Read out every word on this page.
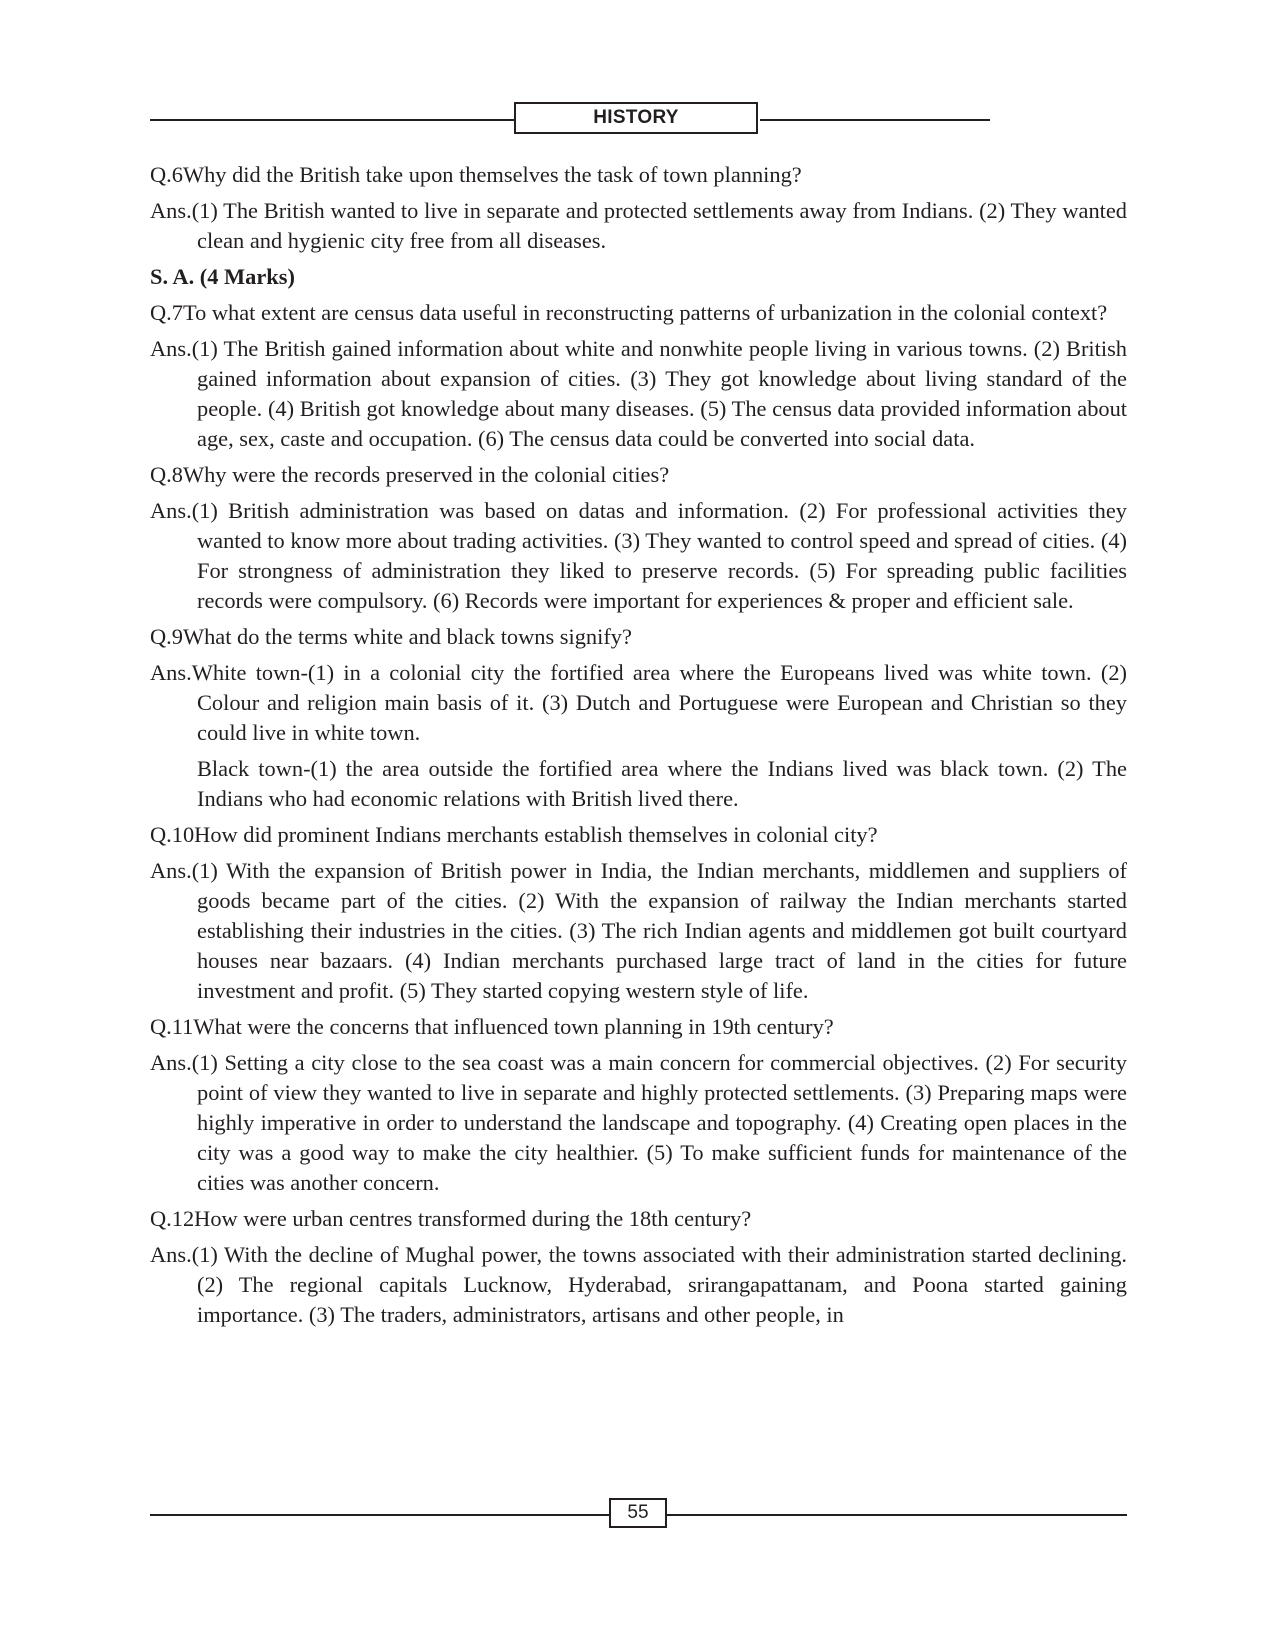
HISTORY
Q.6 Why did the British take upon themselves the task of town planning?
Ans.(1) The British wanted to live in separate and protected settlements away from Indians. (2) They wanted clean and hygienic city free from all diseases.
S. A. (4 Marks)
Q.7 To what extent are census data useful in reconstructing patterns of urbanization in the colonial context?
Ans.(1) The British gained information about white and nonwhite people living in various towns. (2) British gained information about expansion of cities. (3) They got knowledge about living standard of the people. (4) British got knowledge about many diseases. (5) The census data provided information about age, sex, caste and occupation. (6) The census data could be converted into social data.
Q.8 Why were the records preserved in the colonial cities?
Ans.(1) British administration was based on datas and information. (2) For professional activities they wanted to know more about trading activities. (3) They wanted to control speed and spread of cities. (4) For strongness of administration they liked to preserve records. (5) For spreading public facilities records were compulsory. (6) Records were important for experiences & proper and efficient sale.
Q.9 What do the terms white and black towns signify?
Ans.White town-(1) in a colonial city the fortified area where the Europeans lived was white town. (2) Colour and religion main basis of it. (3) Dutch and Portuguese were European and Christian so they could live in white town.
Black town-(1) the area outside the fortified area where the Indians lived was black town. (2) The Indians who had economic relations with British lived there.
Q.10 How did prominent Indians merchants establish themselves in colonial city?
Ans.(1) With the expansion of British power in India, the Indian merchants, middlemen and suppliers of goods became part of the cities. (2) With the expansion of railway the Indian merchants started establishing their industries in the cities. (3) The rich Indian agents and middlemen got built courtyard houses near bazaars. (4) Indian merchants purchased large tract of land in the cities for future investment and profit. (5) They started copying western style of life.
Q.11 What were the concerns that influenced town planning in 19th century?
Ans.(1) Setting a city close to the sea coast was a main concern for commercial objectives. (2) For security point of view they wanted to live in separate and highly protected settlements. (3) Preparing maps were highly imperative in order to understand the landscape and topography. (4) Creating open places in the city was a good way to make the city healthier. (5) To make sufficient funds for maintenance of the cities was another concern.
Q.12 How were urban centres transformed during the 18th century?
Ans.(1) With the decline of Mughal power, the towns associated with their administration started declining. (2) The regional capitals Lucknow, Hyderabad, srirangapattanam, and Poona started gaining importance. (3) The traders, administrators, artisans and other people, in
55
